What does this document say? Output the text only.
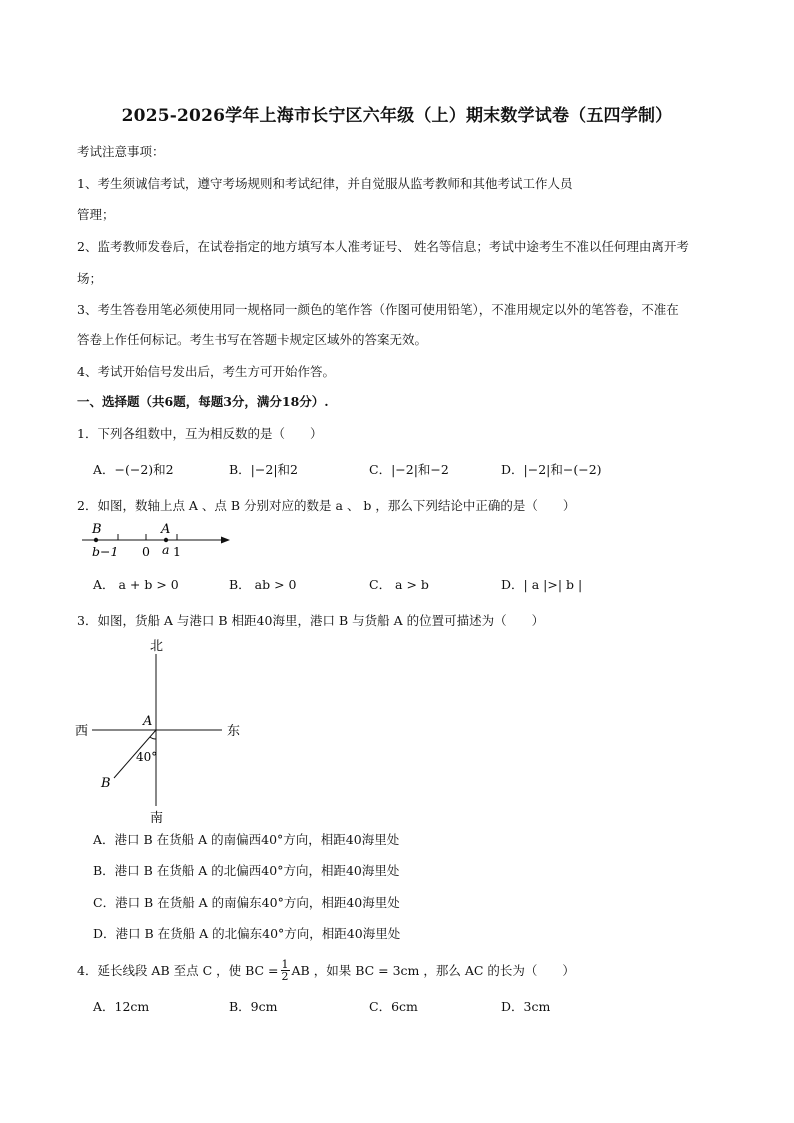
2025-2026学年上海市长宁区六年级（上）期末数学试卷（五四学制）
考试注意事项：
1、考生须诚信考试，遵守考场规则和考试纪律，并自觉服从监考教师和其他考试工作人员
管理；
2、监考教师发卷后，在试卷指定的地方填写本人准考证号、 姓名等信息；考试中途考生不准以任何理由离开考
场；
3、考生答卷用笔必须使用同一规格同一颜色的笔作答（作图可使用铅笔），不准用规定以外的笔答卷，不准在
答卷上作任何标记。考生书写在答题卡规定区域外的答案无效。
4、考试开始信号发出后，考生方可开始作答。
一、选择题（共6题，每题3分，满分18分）.
1．下列各组数中，互为相反数的是（　　）
A．−(−2)和2	B．|−2|和2	C．|−2|和−2	D．|−2|和−(−2)
2．如图，数轴上点 A 、点 B 分别对应的数是 a 、 b ，那么下列结论中正确的是（　　）
B	A
b−1 0 a 1
A． a + b > 0	B． ab > 0	C． a > b	D．| a |>| b |
3．如图，货船 A 与港口 B 相距40海里，港口 B 与货船 A 的位置可描述为（　　）
北
南
西	东
A
B
40°
A．港口 B 在货船 A 的南偏西40°方向，相距40海里处
B．港口 B 在货船 A 的北偏西40°方向，相距40海里处
C．港口 B 在货船 A 的南偏东40°方向，相距40海里处
D．港口 B 在货船 A 的北偏东40°方向，相距40海里处
4．延长线段 AB 至点 C ，使 BC = $\frac{1}{2}$ AB ，如果 BC = 3cm ，那么 AC 的长为（　　）
A．12cm	B．9cm	C．6cm	D．3cm
